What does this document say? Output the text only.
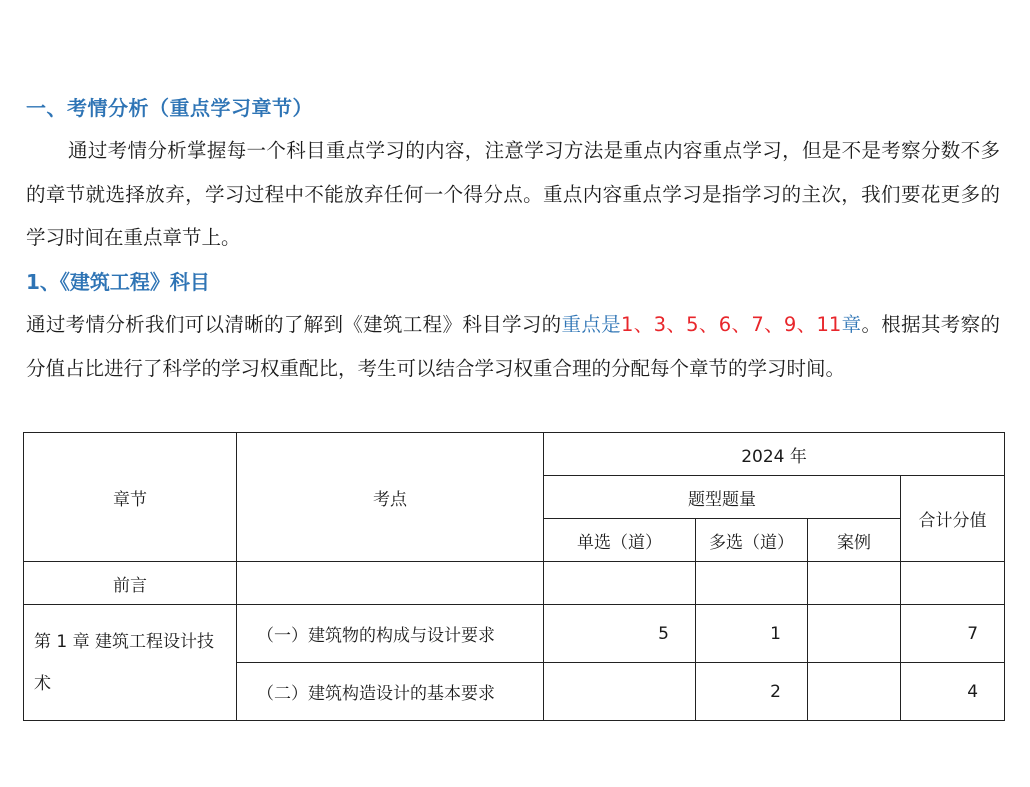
一、考情分析（重点学习章节）
通过考情分析掌握每一个科目重点学习的内容，注意学习方法是重点内容重点学习，但是不是考察分数不多的章节就选择放弃，学习过程中不能放弃任何一个得分点。重点内容重点学习是指学习的主次，我们要花更多的学习时间在重点章节上。
1、《建筑工程》科目
通过考情分析我们可以清晰的了解到《建筑工程》科目学习的重点是1、3、5、6、7、9、11章。根据其考察的分值占比进行了科学的学习权重配比，考生可以结合学习权重合理的分配每个章节的学习时间。
章节	考点	2024 年			
		题型题量			合计分值
		单选（道）	多选（道）	案例	
前言					
第 1 章 建筑工程设计技术	（一）建筑物的构成与设计要求	5	1		7
	（二）建筑构造设计的基本要求		2		4
